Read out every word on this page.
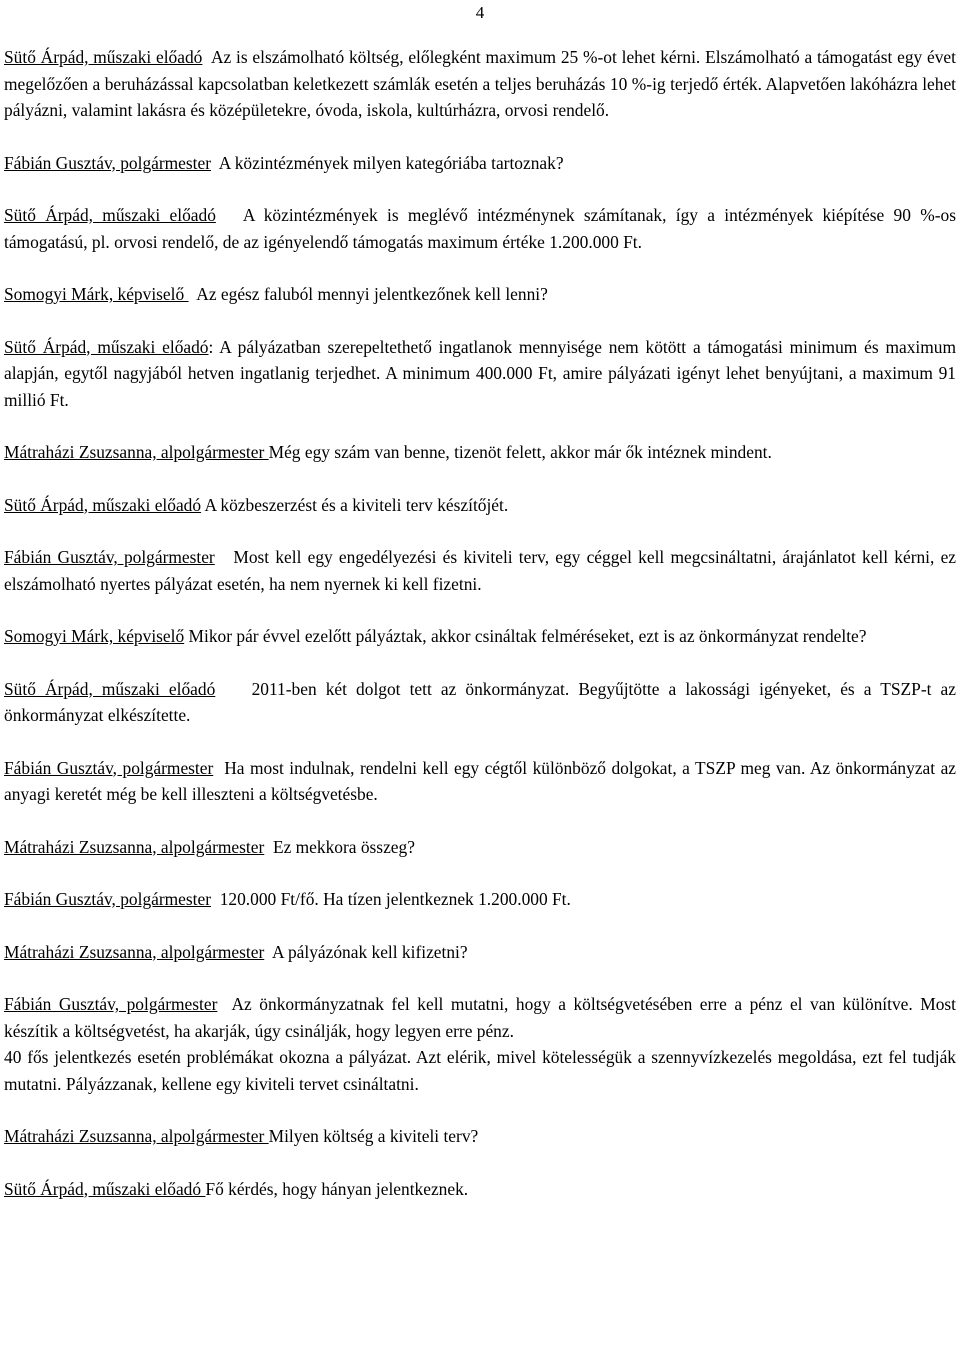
4

Sütő Árpád, műszaki előadó Az is elszámolható költség, előlegként maximum 25 %-ot lehet kérni. Elszámolható a támogatást egy évet megelőzően a beruházással kapcsolatban keletkezett számlák esetén a teljes beruházás 10 %-ig terjedő érték. Alapvetően lakóházra lehet pályázni, valamint lakásra és középületekre, óvoda, iskola, kultúrházra, orvosi rendelő.

Fábián Gusztáv, polgármester A közintézmények milyen kategóriába tartoznak?

Sütő Árpád, műszaki előadó A közintézmények is meglévő intézménynek számítanak, így a intézmények kiépítése 90 %-os támogatású, pl. orvosi rendelő, de az igényelendő támogatás maximum értéke 1.200.000 Ft.

Somogyi Márk, képviselő   Az egész faluból mennyi jelentkezőnek kell lenni?

Sütő Árpád, műszaki előadó: A pályázatban szerepeltethető ingatlanok mennyisége nem kötött a támogatási minimum és maximum alapján, egytől nagyjából hetven ingatlanig terjedhet. A minimum 400.000 Ft, amire pályázati igényt lehet benyújtani, a maximum 91 millió Ft.

Mátraházi Zsuzsanna, alpolgármester Még egy szám van benne, tizenöt felett, akkor már ők intéznek mindent.

Sütő Árpád, műszaki előadó A közbeszerzést és a kiviteli terv készítőjét.

Fábián Gusztáv, polgármester Most kell egy engedélyezési és kiviteli terv, egy céggel kell megcsináltatni, árajánlatot kell kérni, ez elszámolható nyertes pályázat esetén, ha nem nyernek ki kell fizetni.

Somogyi Márk, képviselő Mikor pár évvel ezelőtt pályáztak, akkor csináltak felméréseket, ezt is az önkormányzat rendelte?

Sütő Árpád, műszaki előadó 2011-ben két dolgot tett az önkormányzat. Begyűjtötte a lakossági igényeket, és a TSZP-t az önkormányzat elkészítette.

Fábián Gusztáv, polgármester Ha most indulnak, rendelni kell egy cégtől különböző dolgokat, a TSZP meg van. Az önkormányzat az anyagi keretét még be kell illeszteni a költségvetésbe.

Mátraházi Zsuzsanna, alpolgármester Ez mekkora összeg?

Fábián Gusztáv, polgármester 120.000 Ft/fő. Ha tízen jelentkeznek 1.200.000 Ft.

Mátraházi Zsuzsanna, alpolgármester A pályázónak kell kifizetni?

Fábián Gusztáv, polgármester Az önkormányzatnak fel kell mutatni, hogy a költségvetésében erre a pénz el van különítve. Most készítik a költségvetést, ha akarják, úgy csinálják, hogy legyen erre pénz.
40 fős jelentkezés esetén problémákat okozna a pályázat. Azt elérik, mivel kötelességük a szennyvízkezelés megoldása, ezt fel tudják mutatni. Pályázzanak, kellene egy kiviteli tervet csináltatni.

Mátraházi Zsuzsanna, alpolgármester Milyen költség a kiviteli terv?

Sütő Árpád, műszaki előadó Fő kérdés, hogy hányan jelentkeznek.
